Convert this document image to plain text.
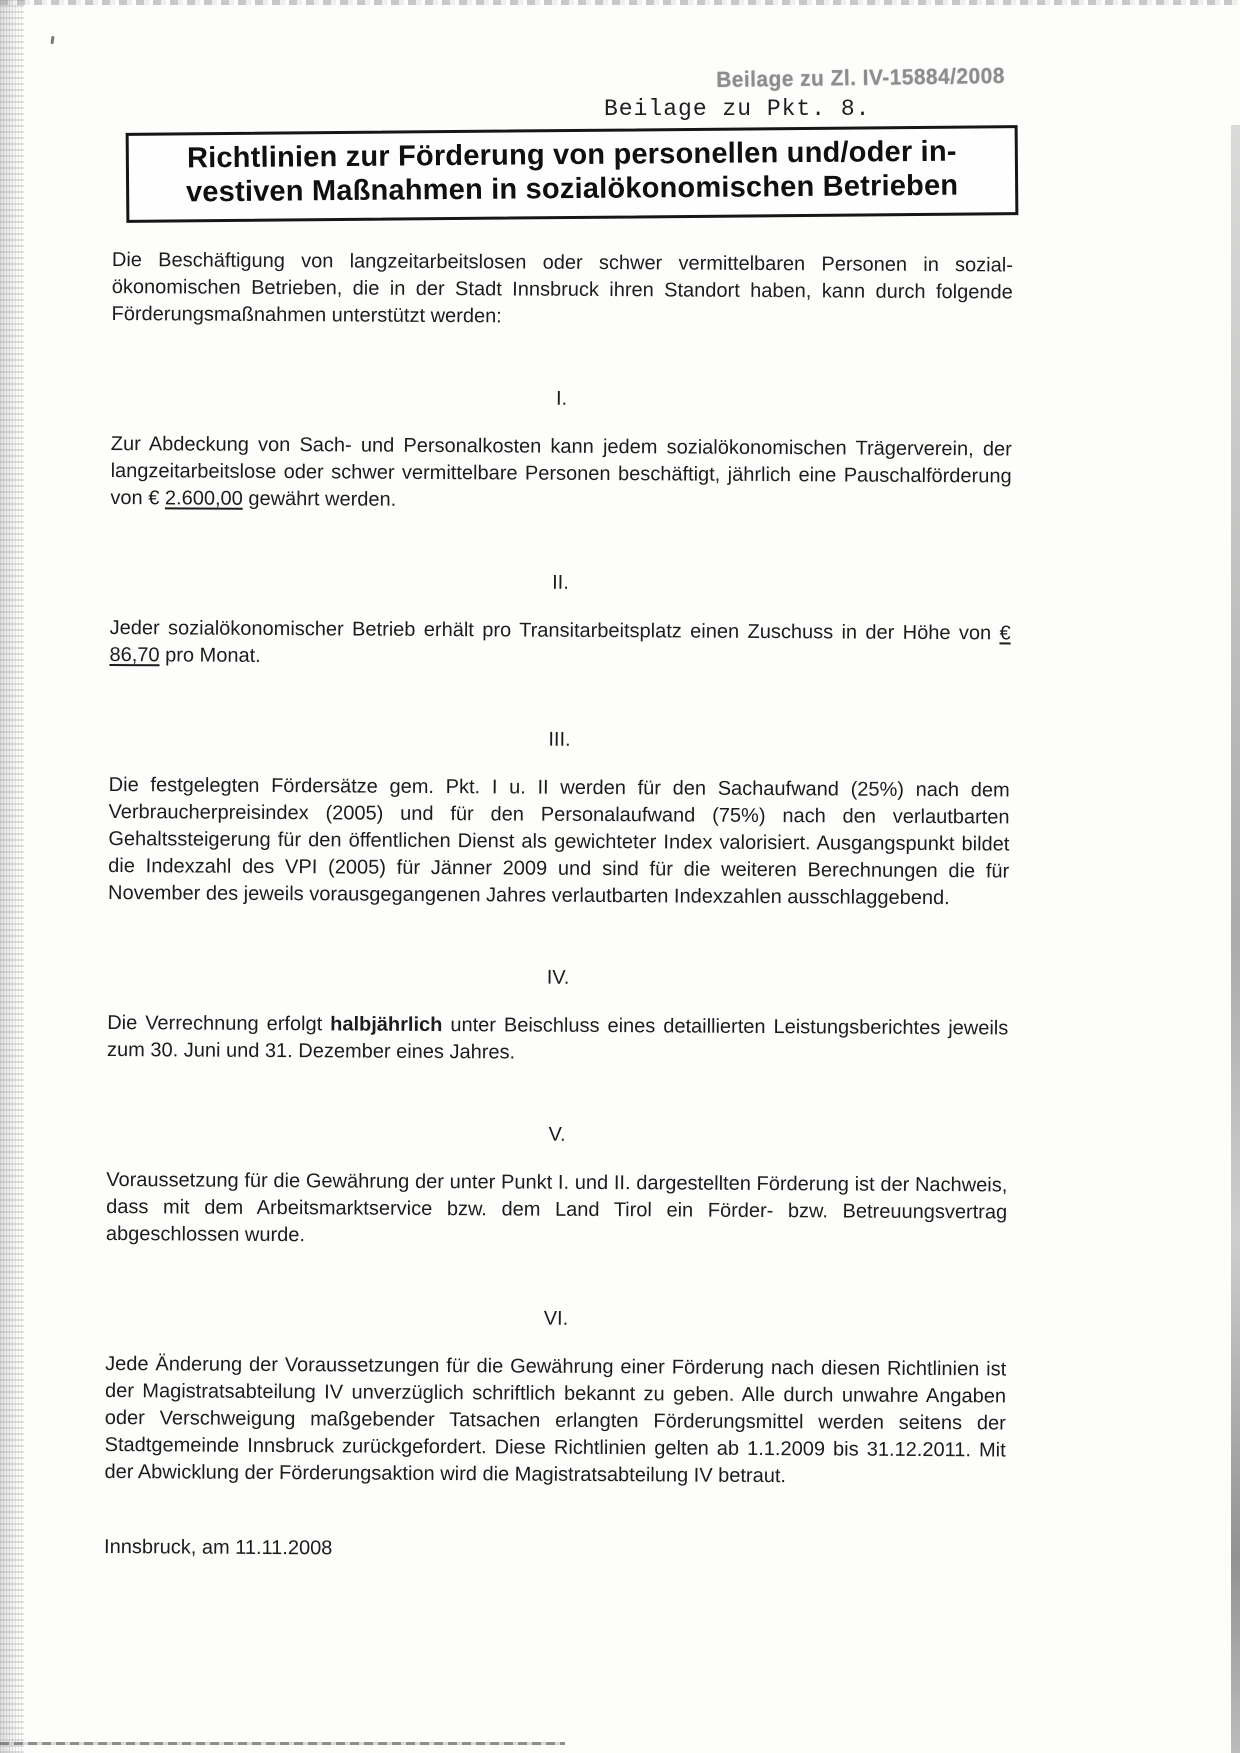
Beilage zu Zl. IV-15884/2008
Beilage zu Pkt. 8.
Richtlinien zur Förderung von personellen und/oder in-
vestiven Maßnahmen in sozialökonomischen Betrieben

Die Beschäftigung von langzeitarbeitslosen oder schwer vermittelbaren Personen in sozialökonomischen Betrieben, die in der Stadt Innsbruck ihren Standort haben, kann durch folgende Förderungsmaßnahmen unterstützt werden:

I.

Zur Abdeckung von Sach- und Personalkosten kann jedem sozialökonomischen Trägerverein, der langzeitarbeitslose oder schwer vermittelbare Personen beschäftigt, jährlich eine Pauschalförderung von € 2.600,00 gewährt werden.

II.

Jeder sozialökonomischer Betrieb erhält pro Transitarbeitsplatz einen Zuschuss in der Höhe von € 86,70 pro Monat.

III.

Die festgelegten Fördersätze gem. Pkt. I u. II werden für den Sachaufwand (25%) nach dem Verbraucherpreisindex (2005) und für den Personalaufwand (75%) nach den verlautbarten Gehaltssteigerung für den öffentlichen Dienst als gewichteter Index valorisiert. Ausgangspunkt bildet die Indexzahl des VPI (2005) für Jänner 2009 und sind für die weiteren Berechnungen die für November des jeweils vorausgegangenen Jahres verlautbarten Indexzahlen ausschlaggebend.

IV.

Die Verrechnung erfolgt halbjährlich unter Beischluss eines detaillierten Leistungsberichtes jeweils zum 30. Juni und 31. Dezember eines Jahres.

V.

Voraussetzung für die Gewährung der unter Punkt I. und II. dargestellten Förderung ist der Nachweis, dass mit dem Arbeitsmarktservice bzw. dem Land Tirol ein Förder- bzw. Betreuungsvertrag abgeschlossen wurde.

VI.

Jede Änderung der Voraussetzungen für die Gewährung einer Förderung nach diesen Richtlinien ist der Magistratsabteilung IV unverzüglich schriftlich bekannt zu geben. Alle durch unwahre Angaben oder Verschweigung maßgebender Tatsachen erlangten Förderungsmittel werden seitens der Stadtgemeinde Innsbruck zurückgefordert. Diese Richtlinien gelten ab 1.1.2009 bis 31.12.2011. Mit der Abwicklung der Förderungsaktion wird die Magistratsabteilung IV betraut.

Innsbruck, am 11.11.2008
